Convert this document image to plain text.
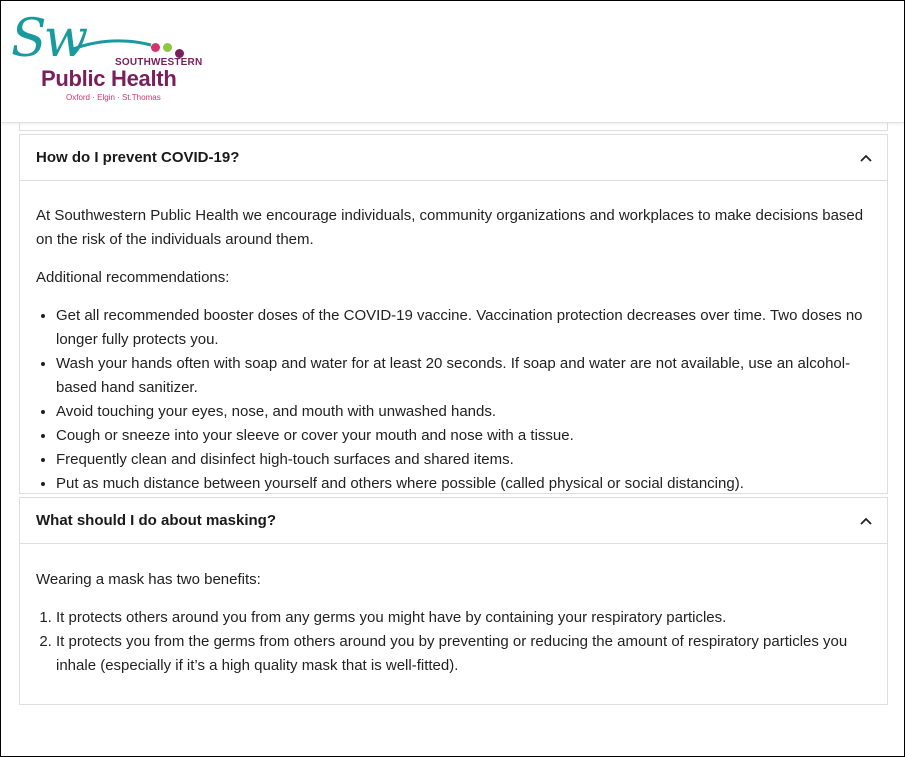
Sw	SOUTHWESTERN
Public Health
Oxford · Elgin · St.Thomas
How do I prevent COVID-19?

At Southwestern Public Health we encourage individuals, community organizations and workplaces to make decisions based on the risk of the individuals around them.

Additional recommendations:

• Get all recommended booster doses of the COVID-19 vaccine. Vaccination protection decreases over time. Two doses no longer fully protects you.
• Wash your hands often with soap and water for at least 20 seconds. If soap and water are not available, use an alcohol-based hand sanitizer.
• Avoid touching your eyes, nose, and mouth with unwashed hands.
• Cough or sneeze into your sleeve or cover your mouth and nose with a tissue.
• Frequently clean and disinfect high-touch surfaces and shared items.
• Put as much distance between yourself and others where possible (called physical or social distancing).
What should I do about masking?

Wearing a mask has two benefits:

1. It protects others around you from any germs you might have by containing your respiratory particles.
2. It protects you from the germs from others around you by preventing or reducing the amount of respiratory particles you inhale (especially if it’s a high quality mask that is well-fitted).
